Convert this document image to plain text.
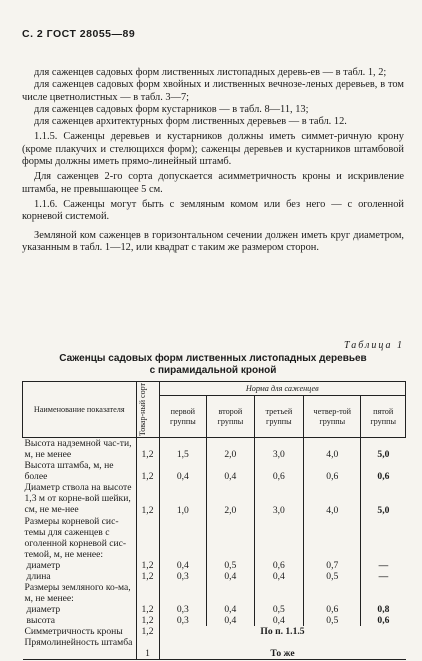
С. 2 ГОСТ 28055—89

для саженцев садовых форм лиственных листопадных деревь-ев — в табл. 1, 2;

для саженцев садовых форм хвойных и лиственных вечнозе-леных деревьев, в том числе цветнолистных — в табл. 3—7;

для саженцев садовых форм кустарников — в табл. 8—11, 13;

для саженцев архитектурных форм лиственных деревьев — в табл. 12.

1.1.5. Саженцы деревьев и кустарников должны иметь симмет-ричную крону (кроме плакучих и стелющихся форм); саженцы деревьев и кустарников штамбовой формы должны иметь прямо-линейный штамб.

Для саженцев 2-го сорта допускается асимметричность кроны и искривление штамба, не превышающее 5 см.

1.1.6. Саженцы могут быть с земляным комом или без него — с оголенной корневой системой.

Земляной ком саженцев в горизонтальном сечении должен иметь круг диаметром, указанным в табл. 1—12, или квадрат с таким же размером сторон.

Таблица 1
Саженцы садовых форм лиственных листопадных деревьев
с пирамидальной кроной
Наименование показателя	Товар-ный сорт	Норма для саженцев				
		первой группы	второй группы	третьей группы	четвер-той группы	пятой группы
Высота надземной час-ти, м, не менее	1,2	1,5	2,0	3,0	4,0	5,0
Высота штамба, м, не более	1,2	0,4	0,4	0,6	0,6	0,6
Диаметр ствола на высоте 1,3 м от корне-вой шейки, см, не ме-нее	1,2	1,0	2,0	3,0	4,0	5,0
Размеры корневой сис-темы для саженцев с оголенной корневой сис-темой, м, не менее:						
диаметр	1,2	0,4	0,5	0,6	0,7	—
длина	1,2	0,3	0,4	0,4	0,5	—
Размеры земляного ко-ма, м, не менее:						
диаметр	1,2	0,3	0,4	0,5	0,6	0,8
высота	1,2	0,3	0,4	0,4	0,5	0,6
Симметричность кроны	1,2	По п. 1.1.5				
Прямолинейность штамба	1	То же				
